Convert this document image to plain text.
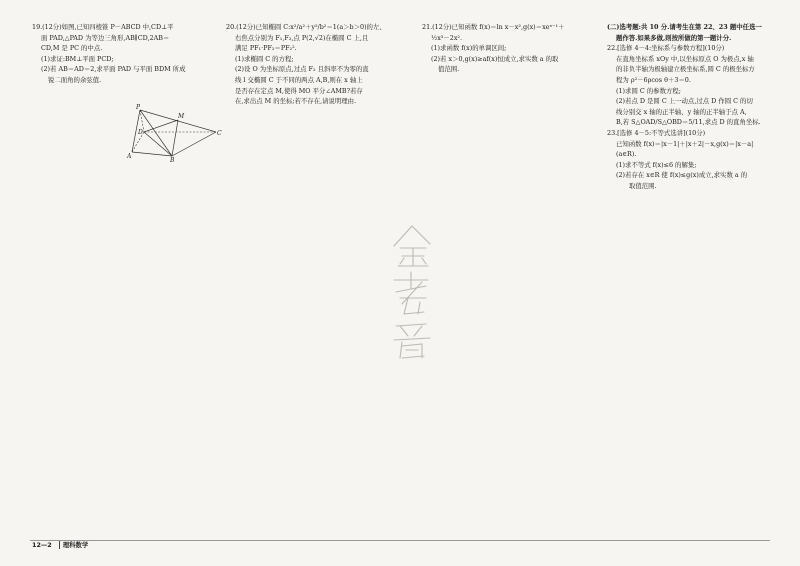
19.(12分)如图,已知四棱锥 P－ABCD 中,CD⊥平

面 PAD,△PAD 为等边三角形,AB∥CD,2AB＝

CD,M 是 PC 的中点.

(1)求证:BM⊥平面 PCD;

(2)若 AB＝AD＝2,求平面 PAD 与平面 BDM 所成

锐二面角的余弦值.

P
M
D	C
A
B

20.(12分)已知椭圆 C:x²/a²＋y²/b²＝1(a＞b＞0)的左、

右焦点分别为 F₁,F₂,点 P(2,√2)在椭圆 C 上,且

满足 PF₁·PF₂＝PF₂².

(1)求椭圆 C 的方程;

(2)设 O 为坐标原点,过点 F₂ 且斜率不为零的直

线 l 交椭圆 C 于不同的两点 A,B,则在 x 轴上

是否存在定点 M,使得 MO 平分∠AMB?若存

在,求出点 M 的坐标;若不存在,请说明理由.

21.(12分)已知函数 f(x)＝ln x－x²,g(x)＝xeˣ⁻¹＋

½x³－2x².

(1)求函数 f(x)的单调区间;

(2)若 x＞0,g(x)≥af(x)恒成立,求实数 a 的取

值范围.

(二)选考题:共 10 分.请考生在第 22、23 题中任选一

题作答.如果多做,则按所做的第一题计分.

22.[选修 4－4:坐标系与参数方程](10分)

在直角坐标系 xOy 中,以坐标原点 O 为极点,x 轴

的非负半轴为极轴建立极坐标系,圆 C 的极坐标方

程为 ρ²－6ρcos θ＋3＝0.

(1)求圆 C 的参数方程;

(2)若点 D 是圆 C 上一动点,过点 D 作圆 C 的切

线分别交 x 轴的正半轴、y 轴的正半轴于点 A,

B,若 S△OAD/S△OBD＝5/11,求点 D 的直角坐标.

23.[选修 4－5:不等式选讲](10分)

已知函数 f(x)＝|x－1|＋|x＋2|－x,g(x)＝|x－a|

(a∈R).

(1)求不等式 f(x)≤6 的解集;

(2)若存在 x∈R 使 f(x)≤g(x)成立,求实数 a 的

取值范围.

12—2 理科数学
